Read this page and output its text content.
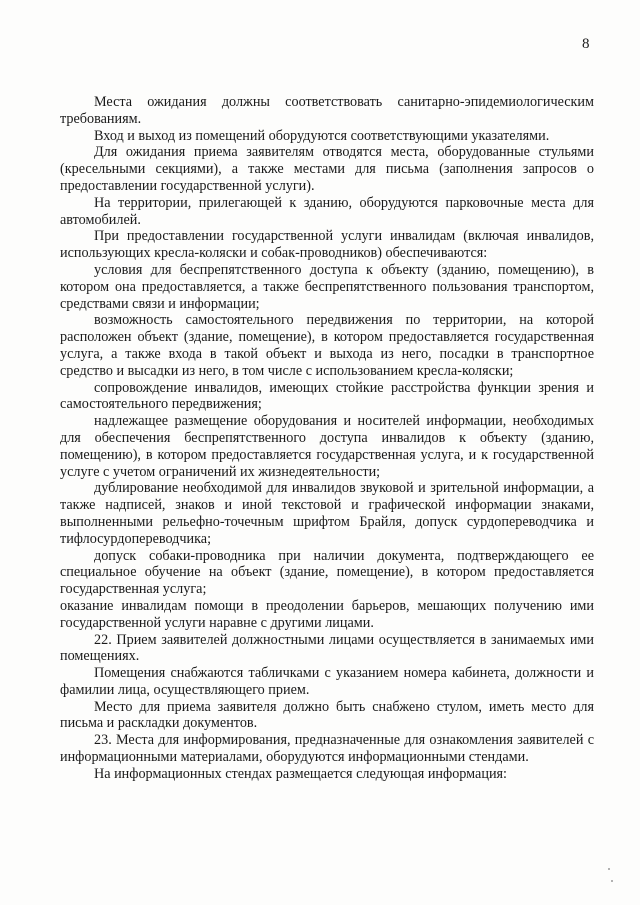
8

Места ожидания должны соответствовать санитарно-эпидемиологическим требованиям.

Вход и выход из помещений оборудуются соответствующими указателями.

Для ожидания приема заявителям отводятся места, оборудованные стульями (кресельными секциями), а также местами для письма (заполнения запросов о предоставлении государственной услуги).

На территории, прилегающей к зданию, оборудуются парковочные места для автомобилей.

При предоставлении государственной услуги инвалидам (включая инвалидов, использующих кресла-коляски и собак-проводников) обеспечиваются:

условия для беспрепятственного доступа к объекту (зданию, помещению), в котором она предоставляется, а также беспрепятственного пользования транспортом, средствами связи и информации;

возможность самостоятельного передвижения по территории, на которой расположен объект (здание, помещение), в котором предоставляется государственная услуга, а также входа в такой объект и выхода из него, посадки в транспортное средство и высадки из него, в том числе с использованием кресла-коляски;

сопровождение инвалидов, имеющих стойкие расстройства функции зрения и самостоятельного передвижения;

надлежащее размещение оборудования и носителей информации, необходимых для обеспечения беспрепятственного доступа инвалидов к объекту (зданию, помещению), в котором предоставляется государственная услуга, и к государственной услуге с учетом ограничений их жизнедеятельности;

дублирование необходимой для инвалидов звуковой и зрительной информации, а также надписей, знаков и иной текстовой и графической информации знаками, выполненными рельефно-точечным шрифтом Брайля, допуск сурдопереводчика и тифлосурдопереводчика;

допуск собаки-проводника при наличии документа, подтверждающего ее специальное обучение на объект (здание, помещение), в котором предоставляется государственная услуга;

оказание инвалидам помощи в преодолении барьеров, мешающих получению ими государственной услуги наравне с другими лицами.

22. Прием заявителей должностными лицами осуществляется в занимаемых ими помещениях.

Помещения снабжаются табличками с указанием номера кабинета, должности и фамилии лица, осуществляющего прием.

Место для приема заявителя должно быть снабжено стулом, иметь место для письма и раскладки документов.

23. Места для информирования, предназначенные для ознакомления заявителей с информационными материалами, оборудуются информационными стендами.

На информационных стендах размещается следующая информация:
